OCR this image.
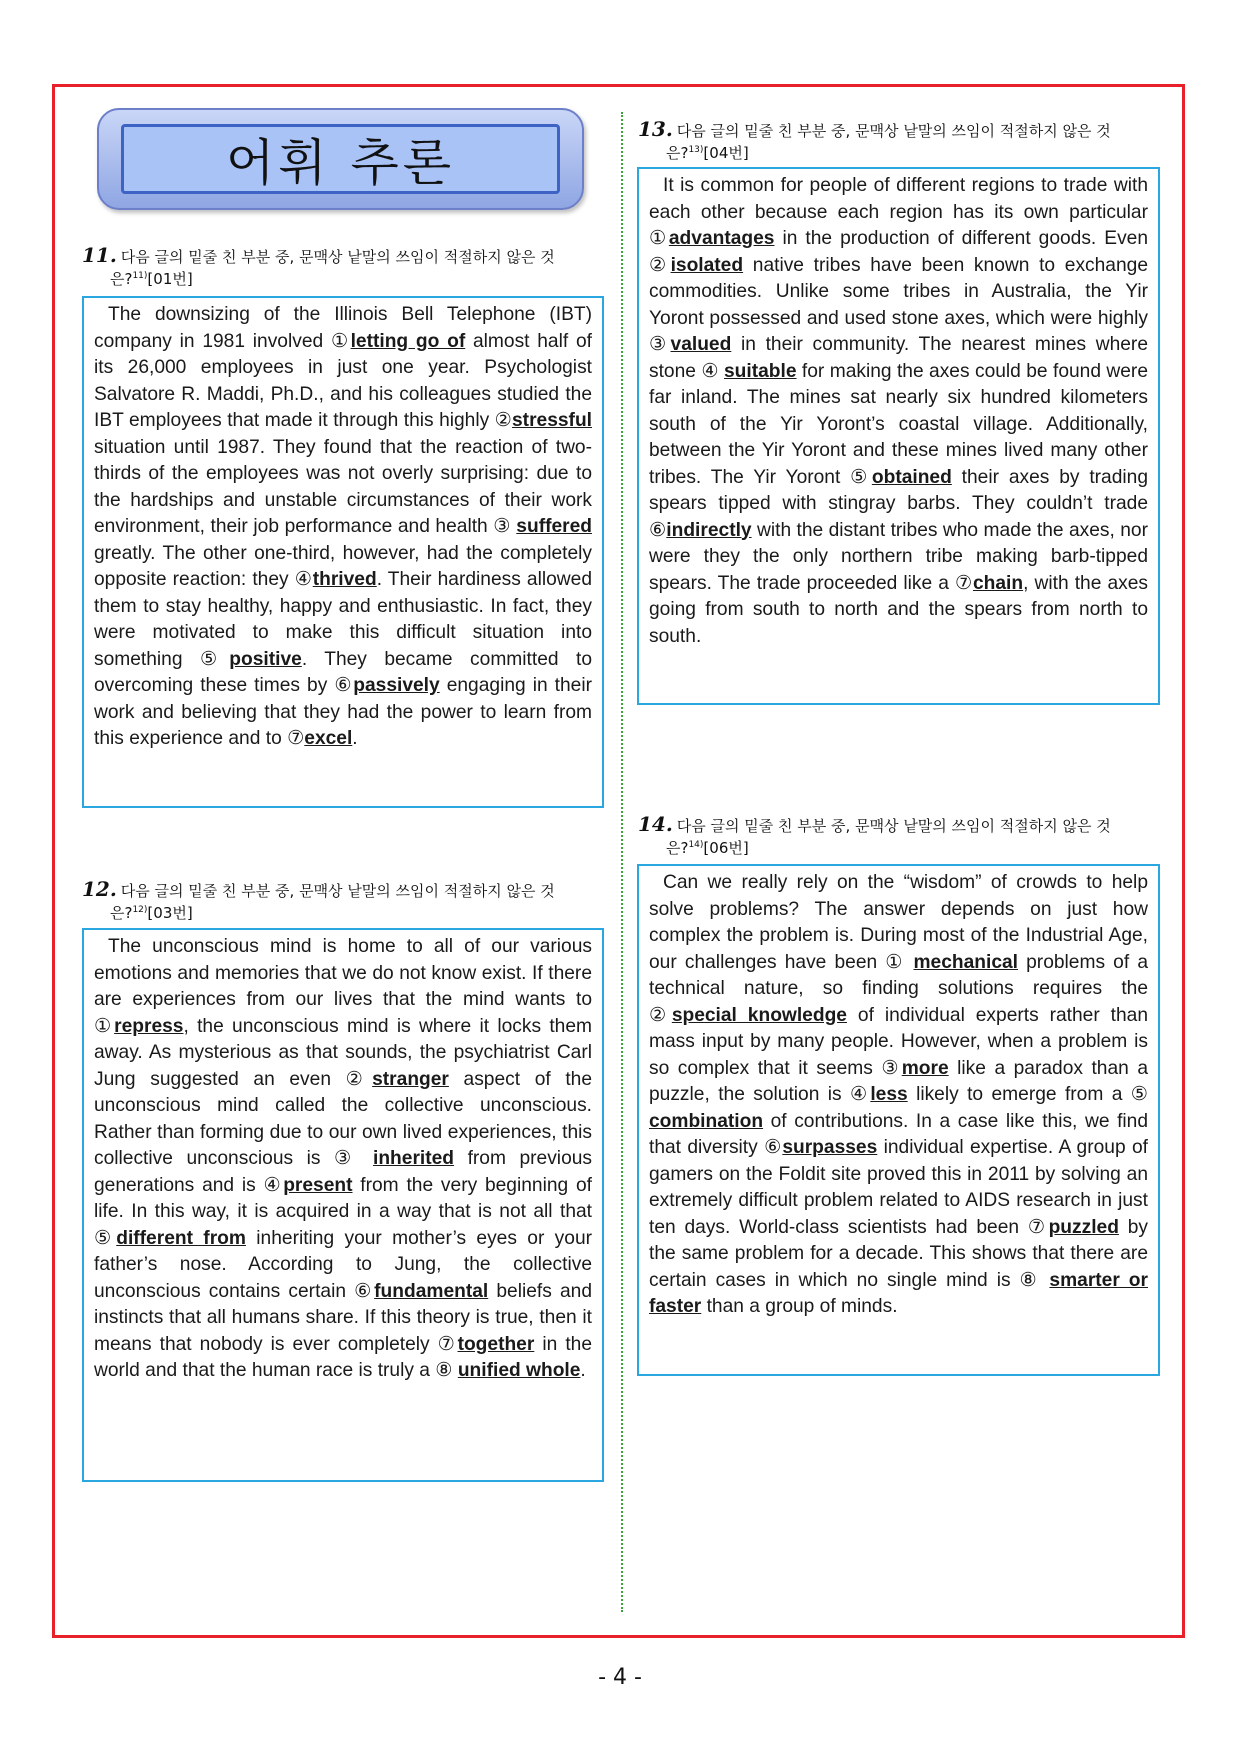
어휘 추론
11. 다음 글의 밑줄 친 부분 중, 문맥상 낱말의 쓰임이 적절하지 않은 것
은?$^{11)}$[01번]

The downsizing of the Illinois Bell Telephone (IBT) company in 1981 involved ①letting go of almost half of its 26,000 employees in just one year. Psychologist Salvatore R. Maddi, Ph.D., and his colleagues studied the IBT employees that made it through this highly ②stressful situation until 1987. They found that the reaction of two-thirds of the employees was not overly surprising: due to the hardships and unstable circumstances of their work environment, their job performance and health ③ suffered greatly. The other one-third, however, had the completely opposite reaction: they ④thrived. Their hardiness allowed them to stay healthy, happy and enthusiastic. In fact, they were motivated to make this difficult situation into something ⑤positive. They became committed to overcoming these times by ⑥passively engaging in their work and believing that they had the power to learn from this experience and to ⑦excel.

12. 다음 글의 밑줄 친 부분 중, 문맥상 낱말의 쓰임이 적절하지 않은 것
은?$^{12)}$[03번]

The unconscious mind is home to all of our various emotions and memories that we do not know exist. If there are experiences from our lives that the mind wants to ①repress, the unconscious mind is where it locks them away. As mysterious as that sounds, the psychiatrist Carl Jung suggested an even ②stranger aspect of the unconscious mind called the collective unconscious. Rather than forming due to our own lived experiences, this collective unconscious is ③ inherited from previous generations and is ④present from the very beginning of life. In this way, it is acquired in a way that is not all that ⑤different from inheriting your mother’s eyes or your father’s nose. According to Jung, the collective unconscious contains certain ⑥fundamental beliefs and instincts that all humans share. If this theory is true, then it means that nobody is ever completely ⑦together in the world and that the human race is truly a ⑧ unified whole.

13. 다음 글의 밑줄 친 부분 중, 문맥상 낱말의 쓰임이 적절하지 않은 것
은?$^{13)}$[04번]

It is common for people of different regions to trade with each other because each region has its own particular ①advantages in the production of different goods. Even ②isolated native tribes have been known to exchange commodities. Unlike some tribes in Australia, the Yir Yoront possessed and used stone axes, which were highly ③valued in their community. The nearest mines where stone ④ suitable for making the axes could be found were far inland. The mines sat nearly six hundred kilometers south of the Yir Yoront’s coastal village. Additionally, between the Yir Yoront and these mines lived many other tribes. The Yir Yoront ⑤obtained their axes by trading spears tipped with stingray barbs. They couldn’t trade ⑥indirectly with the distant tribes who made the axes, nor were they the only northern tribe making barb-tipped spears. The trade proceeded like a ⑦chain, with the axes going from south to north and the spears from north to south.

14. 다음 글의 밑줄 친 부분 중, 문맥상 낱말의 쓰임이 적절하지 않은 것
은?$^{14)}$[06번]

Can we really rely on the “wisdom” of crowds to help solve problems? The answer depends on just how complex the problem is. During most of the Industrial Age, our challenges have been ① mechanical problems of a technical nature, so finding solutions requires the ②special knowledge of individual experts rather than mass input by many people. However, when a problem is so complex that it seems ③more like a paradox than a puzzle, the solution is ④less likely to emerge from a ⑤ combination of contributions. In a case like this, we find that diversity ⑥surpasses individual expertise. A group of gamers on the Foldit site proved this in 2011 by solving an extremely difficult problem related to AIDS research in just ten days. World-class scientists had been ⑦puzzled by the same problem for a decade. This shows that there are certain cases in which no single mind is ⑧ smarter or faster than a group of minds.

- 4 -
